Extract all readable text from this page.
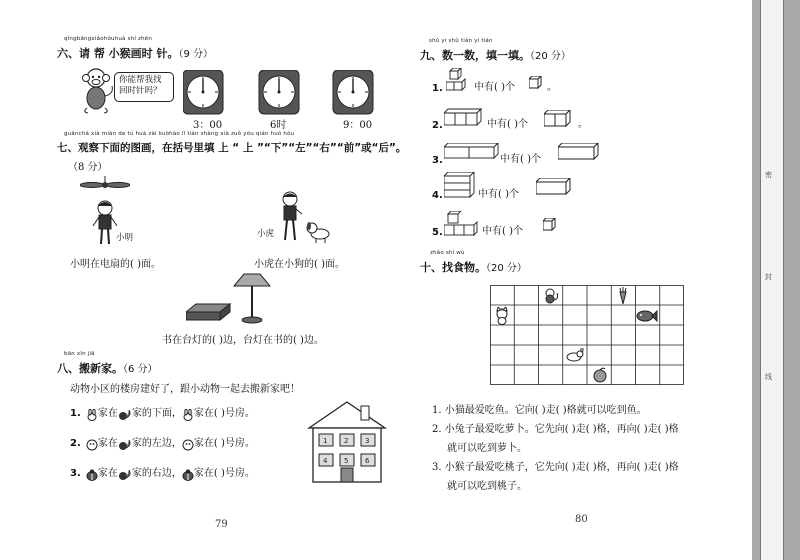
qǐngbāngxiǎohóuhuà shí zhēn
六、请 帮 小猴画时 针。（9 分）
你能帮我找
回时针吗？
3：00	6时	9：00
guānchá xià miàn de tú huà zài kuòhào lǐ tián shàng xià zuǒ yòu qián huò hòu
七、观察下面的图画，在括号里填 上 “ 上 ”“下”“左”“右”“前”或“后”。
（8 分）
小明	小虎
小明在电扇的( )面。	小虎在小狗的( )面。
书在台灯的( )边，台灯在书的( )边。
bān xīn jiā
八、搬新家。（6 分）
动物小区的楼房建好了，跟小动物一起去搬新家吧！
1. 家在 家的下面， 家在( )号房。
2. 家在 家的左边， 家在( )号房。
3. 家在 家的右边， 家在( )号房。
1 2 3
4 5 6
79
shǔ yi shǔ tián yi tián
九、数一数，填一填。（20 分）
1.	中有( )个	。
2.	中有( )个	。
3.	中有( )个
4.	中有( )个
5.	中有( )个
zhǎo shí wù
十、找食物。（20 分）
1. 小猫最爱吃鱼。它向( )走( )格就可以吃到鱼。
2. 小兔子最爱吃萝卜。它先向( )走( )格，再向( )走( )格
就可以吃到萝卜。
3. 小猴子最爱吃桃子，它先向( )走( )格，再向( )走( )格
就可以吃到桃子。
80
密
封
线
